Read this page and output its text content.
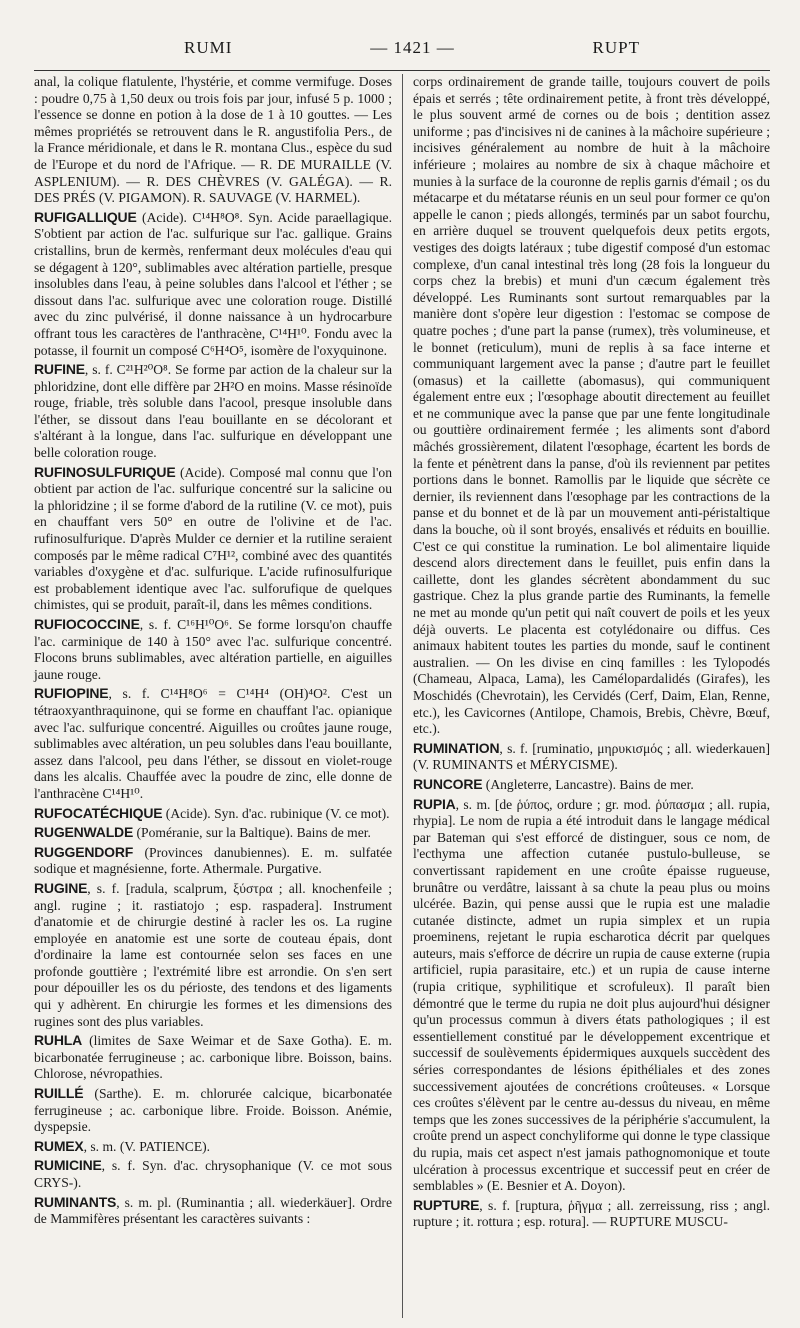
RUMI	— 1421 —	RUPT

anal, la colique flatulente, l'hystérie, et comme vermifuge. Doses : poudre 0,75 à 1,50 deux ou trois fois par jour, infusé 5 p. 1000 ; l'essence se donne en potion à la dose de 1 à 10 gouttes. — Les mêmes propriétés se retrouvent dans le R. angustifolia Pers., de la France méridionale, et dans le R. montana Clus., espèce du sud de l'Europe et du nord de l'Afrique. — R. DE MURAILLE (V. ASPLENIUM). — R. DES CHÈVRES (V. GALÉGA). — R. DES PRÉS (V. PIGAMON). R. SAUVAGE (V. HARMEL).

RUFIGALLIQUE (Acide). C¹⁴H⁸O⁸. Syn. Acide paraellagique. S'obtient par action de l'ac. sulfurique sur l'ac. gallique. Grains cristallins, brun de kermès, renfermant deux molécules d'eau qui se dégagent à 120°, sublimables avec altération partielle, presque insolubles dans l'eau, à peine solubles dans l'alcool et l'éther ; se dissout dans l'ac. sulfurique avec une coloration rouge. Distillé avec du zinc pulvérisé, il donne naissance à un hydrocarbure offrant tous les caractères de l'anthracène, C¹⁴H¹⁰. Fondu avec la potasse, il fournit un composé C⁶H⁴O⁵, isomère de l'oxyquinone.

RUFINE, s. f. C²¹H²⁰O⁸. Se forme par action de la chaleur sur la phloridzine, dont elle diffère par 2H²O en moins. Masse résinoïde rouge, friable, très soluble dans l'acool, presque insoluble dans l'éther, se dissout dans l'eau bouillante en se décolorant et s'altérant à la longue, dans l'ac. sulfurique en développant une belle coloration rouge.

RUFINOSULFURIQUE (Acide). Composé mal connu que l'on obtient par action de l'ac. sulfurique concentré sur la salicine ou la phloridzine ; il se forme d'abord de la rutiline (V. ce mot), puis en chauffant vers 50° en outre de l'olivine et de l'ac. rufinosulfurique. D'après Mulder ce dernier et la rutiline seraient composés par le même radical C⁷H¹², combiné avec des quantités variables d'oxygène et d'ac. sulfurique. L'acide rufinosulfurique est probablement identique avec l'ac. sulforufique de quelques chimistes, qui se produit, paraît-il, dans les mêmes conditions.

RUFIOCOCCINE, s. f. C¹⁶H¹⁰O⁶. Se forme lorsqu'on chauffe l'ac. carminique de 140 à 150° avec l'ac. sulfurique concentré. Flocons bruns sublimables, avec altération partielle, en aiguilles jaune rouge.

RUFIOPINE, s. f. C¹⁴H⁸O⁶ = C¹⁴H⁴ (OH)⁴O². C'est un tétraoxyanthraquinone, qui se forme en chauffant l'ac. opianique avec l'ac. sulfurique concentré. Aiguilles ou croûtes jaune rouge, sublimables avec altération, un peu solubles dans l'eau bouillante, assez dans l'alcool, peu dans l'éther, se dissout en violet-rouge dans les alcalis. Chauffée avec la poudre de zinc, elle donne de l'anthracène C¹⁴H¹⁰.

RUFOCATÉCHIQUE (Acide). Syn. d'ac. rubinique (V. ce mot).

RUGENWALDE (Poméranie, sur la Baltique). Bains de mer.

RUGGENDORF (Provinces danubiennes). E. m. sulfatée sodique et magnésienne, forte. Athermale. Purgative.

RUGINE, s. f. [radula, scalprum, ξύστρα ; all. knochenfeile ; angl. rugine ; it. rastiatojo ; esp. raspadera]. Instrument d'anatomie et de chirurgie destiné à racler les os. La rugine employée en anatomie est une sorte de couteau épais, dont d'ordinaire la lame est contournée selon ses faces en une profonde gouttière ; l'extrémité libre est arrondie. On s'en sert pour dépouiller les os du périoste, des tendons et des ligaments qui y adhèrent. En chirurgie les formes et les dimensions des rugines sont des plus variables.

RUHLA (limites de Saxe Weimar et de Saxe Gotha). E. m. bicarbonatée ferrugineuse ; ac. carbonique libre. Boisson, bains. Chlorose, névropathies.

RUILLÉ (Sarthe). E. m. chlorurée calcique, bicarbonatée ferrugineuse ; ac. carbonique libre. Froide. Boisson. Anémie, dyspepsie.

RUMEX, s. m. (V. PATIENCE).

RUMICINE, s. f. Syn. d'ac. chrysophanique (V. ce mot sous CRYS-).

RUMINANTS, s. m. pl. (Ruminantia ; all. wiederkäuer]. Ordre de Mammifères présentant les caractères suivants :

corps ordinairement de grande taille, toujours couvert de poils épais et serrés ; tête ordinairement petite, à front très développé, le plus souvent armé de cornes ou de bois ; dentition assez uniforme ; pas d'incisives ni de canines à la mâchoire supérieure ; incisives généralement au nombre de huit à la mâchoire inférieure ; molaires au nombre de six à chaque mâchoire et munies à la surface de la couronne de replis garnis d'émail ; os du métacarpe et du métatarse réunis en un seul pour former ce qu'on appelle le canon ; pieds allongés, terminés par un sabot fourchu, en arrière duquel se trouvent quelquefois deux petits ergots, vestiges des doigts latéraux ; tube digestif composé d'un estomac complexe, d'un canal intestinal très long (28 fois la longueur du corps chez la brebis) et muni d'un cæcum également très développé. Les Ruminants sont surtout remarquables par la manière dont s'opère leur digestion : l'estomac se compose de quatre poches ; d'une part la panse (rumex), très volumineuse, et le bonnet (reticulum), muni de replis à sa face interne et communiquant largement avec la panse ; d'autre part le feuillet (omasus) et la caillette (abomasus), qui communiquent également entre eux ; l'œsophage aboutit directement au feuillet et ne communique avec la panse que par une fente longitudinale ou gouttière ordinairement fermée ; les aliments sont d'abord mâchés grossièrement, dilatent l'œsophage, écartent les bords de la fente et pénètrent dans la panse, d'où ils reviennent par petites portions dans le bonnet. Ramollis par le liquide que sécrète ce dernier, ils reviennent dans l'œsophage par les contractions de la panse et du bonnet et de là par un mouvement anti-péristaltique dans la bouche, où il sont broyés, ensalivés et réduits en bouillie. C'est ce qui constitue la rumination. Le bol alimentaire liquide descend alors directement dans le feuillet, puis enfin dans la caillette, dont les glandes sécrètent abondamment du suc gastrique. Chez la plus grande partie des Ruminants, la femelle ne met au monde qu'un petit qui naît couvert de poils et les yeux déjà ouverts. Le placenta est cotylédonaire ou diffus. Ces animaux habitent toutes les parties du monde, sauf le continent australien. — On les divise en cinq familles : les Tylopodés (Chameau, Alpaca, Lama), les Camélopardalidés (Girafes), les Moschidés (Chevrotain), les Cervidés (Cerf, Daim, Elan, Renne, etc.), les Cavicornes (Antilope, Chamois, Brebis, Chèvre, Bœuf, etc.).

RUMINATION, s. f. [ruminatio, μηρυκισμός ; all. wiederkauen] (V. RUMINANTS et MÉRYCISME).

RUNCORE (Angleterre, Lancastre). Bains de mer.

RUPIA, s. m. [de ῥύπος, ordure ; gr. mod. ῥύπασμα ; all. rupia, rhypia]. Le nom de rupia a été introduit dans le langage médical par Bateman qui s'est efforcé de distinguer, sous ce nom, de l'ecthyma une affection cutanée pustulo-bulleuse, se convertissant rapidement en une croûte épaisse rugueuse, brunâtre ou verdâtre, laissant à sa chute la peau plus ou moins ulcérée. Bazin, qui pense aussi que le rupia est une maladie cutanée distincte, admet un rupia simplex et un rupia proeminens, rejetant le rupia escharotica décrit par quelques auteurs, mais s'efforce de décrire un rupia de cause externe (rupia artificiel, rupia parasitaire, etc.) et un rupia de cause interne (rupia critique, syphilitique et scrofuleux). Il paraît bien démontré que le terme du rupia ne doit plus aujourd'hui désigner qu'un processus commun à divers états pathologiques ; il est essentiellement constitué par le développement excentrique et successif de soulèvements épidermiques auxquels succèdent des séries correspondantes de lésions épithéliales et des zones successivement ajoutées de concrétions croûteuses. « Lorsque ces croûtes s'élèvent par le centre au-dessus du niveau, en même temps que les zones successives de la périphérie s'accumulent, la croûte prend un aspect conchyliforme qui donne le type classique du rupia, mais cet aspect n'est jamais pathognomonique et toute ulcération à processus excentrique et successif peut en créer de semblables » (E. Besnier et A. Doyon).

RUPTURE, s. f. [ruptura, ῥῆγμα ; all. zerreissung, riss ; angl. rupture ; it. rottura ; esp. rotura]. — RUPTURE MUSCU-
